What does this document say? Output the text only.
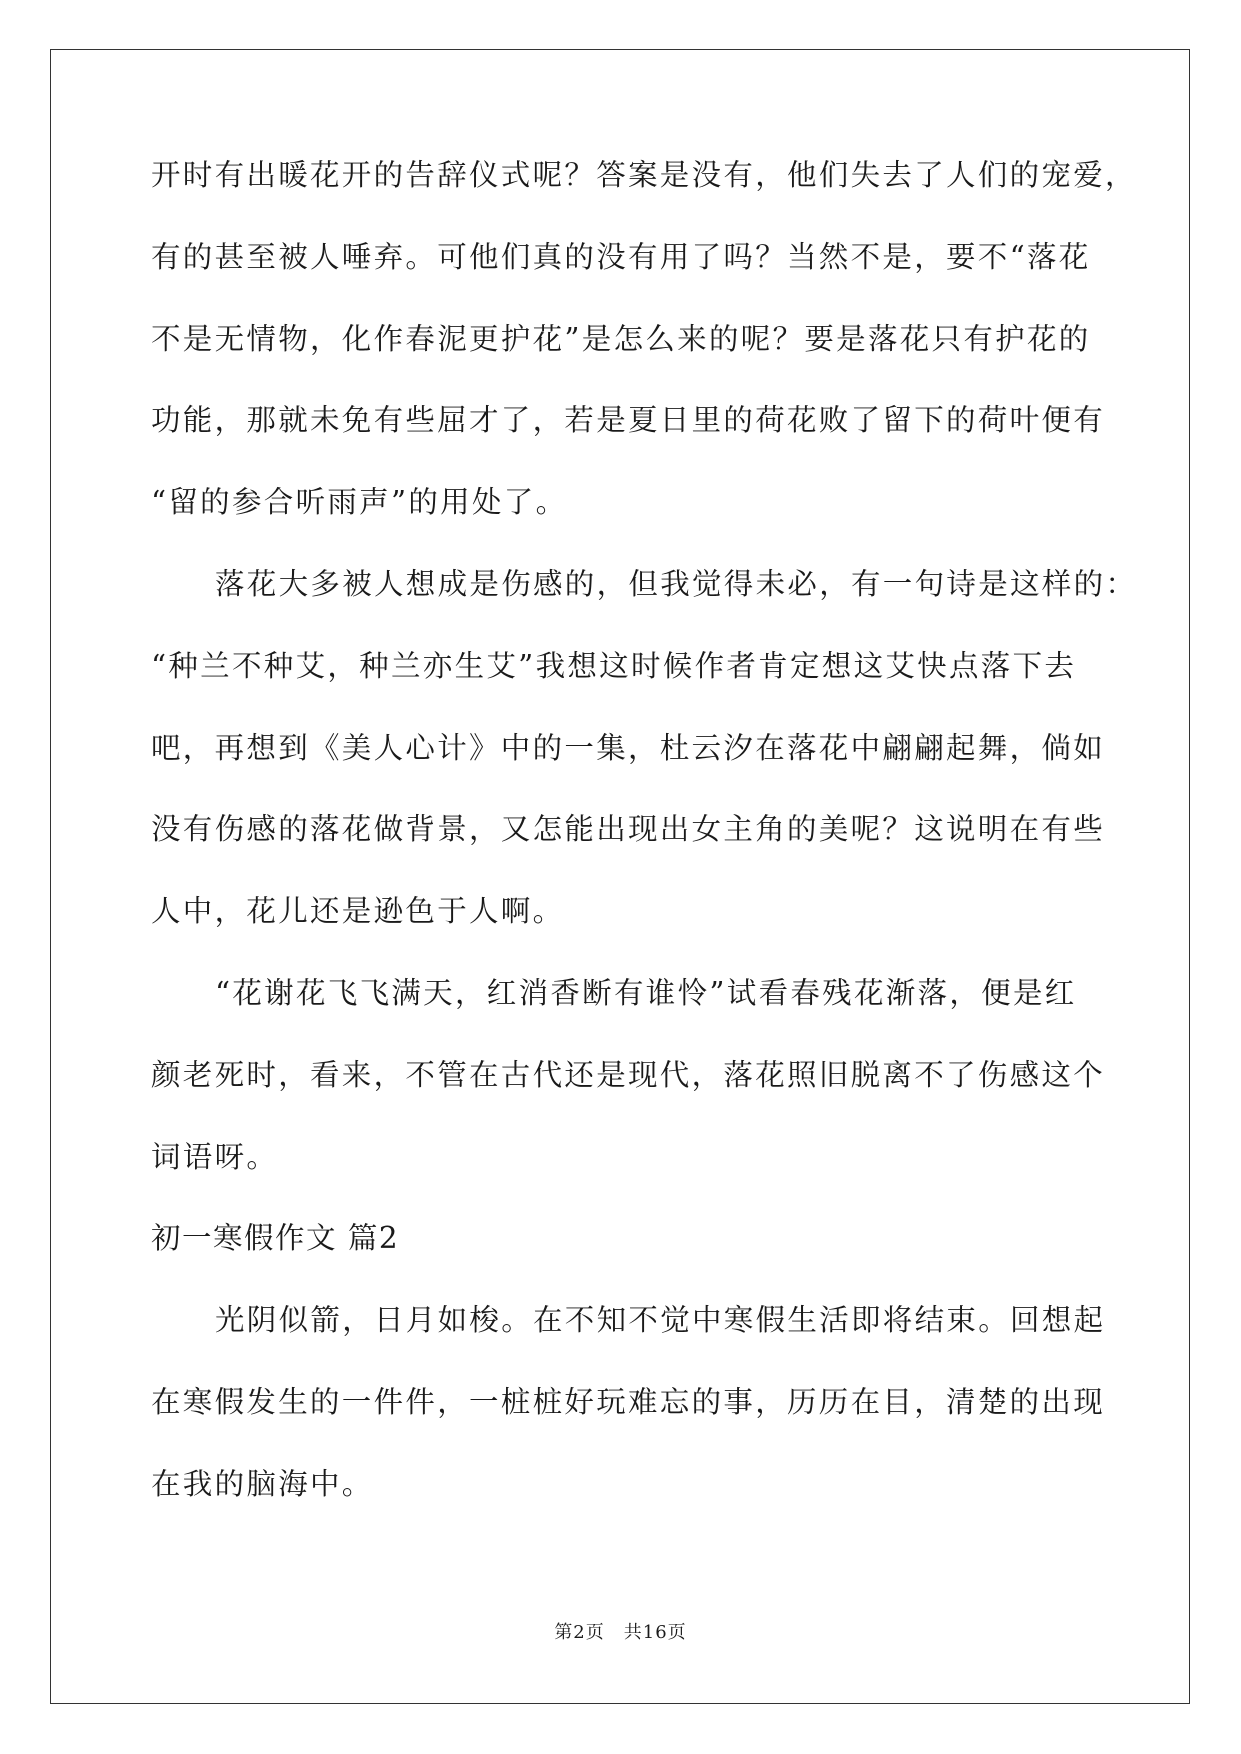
开时有出暖花开的告辞仪式呢？答案是没有，他们失去了人们的宠爱，
有的甚至被人唾弃。可他们真的没有用了吗？当然不是，要不“落花
不是无情物，化作春泥更护花”是怎么来的呢？要是落花只有护花的
功能，那就未免有些屈才了，若是夏日里的荷花败了留下的荷叶便有
“留的参合听雨声”的用处了。
落花大多被人想成是伤感的，但我觉得未必，有一句诗是这样的：
“种兰不种艾，种兰亦生艾”我想这时候作者肯定想这艾快点落下去
吧，再想到《美人心计》中的一集，杜云汐在落花中翩翩起舞，倘如
没有伤感的落花做背景，又怎能出现出女主角的美呢？这说明在有些
人中，花儿还是逊色于人啊。
“花谢花飞飞满天，红消香断有谁怜”试看春残花渐落，便是红
颜老死时，看来，不管在古代还是现代，落花照旧脱离不了伤感这个
词语呀。
初一寒假作文 篇2
光阴似箭，日月如梭。在不知不觉中寒假生活即将结束。回想起
在寒假发生的一件件，一桩桩好玩难忘的事，历历在目，清楚的出现
在我的脑海中。
第2页　共16页
